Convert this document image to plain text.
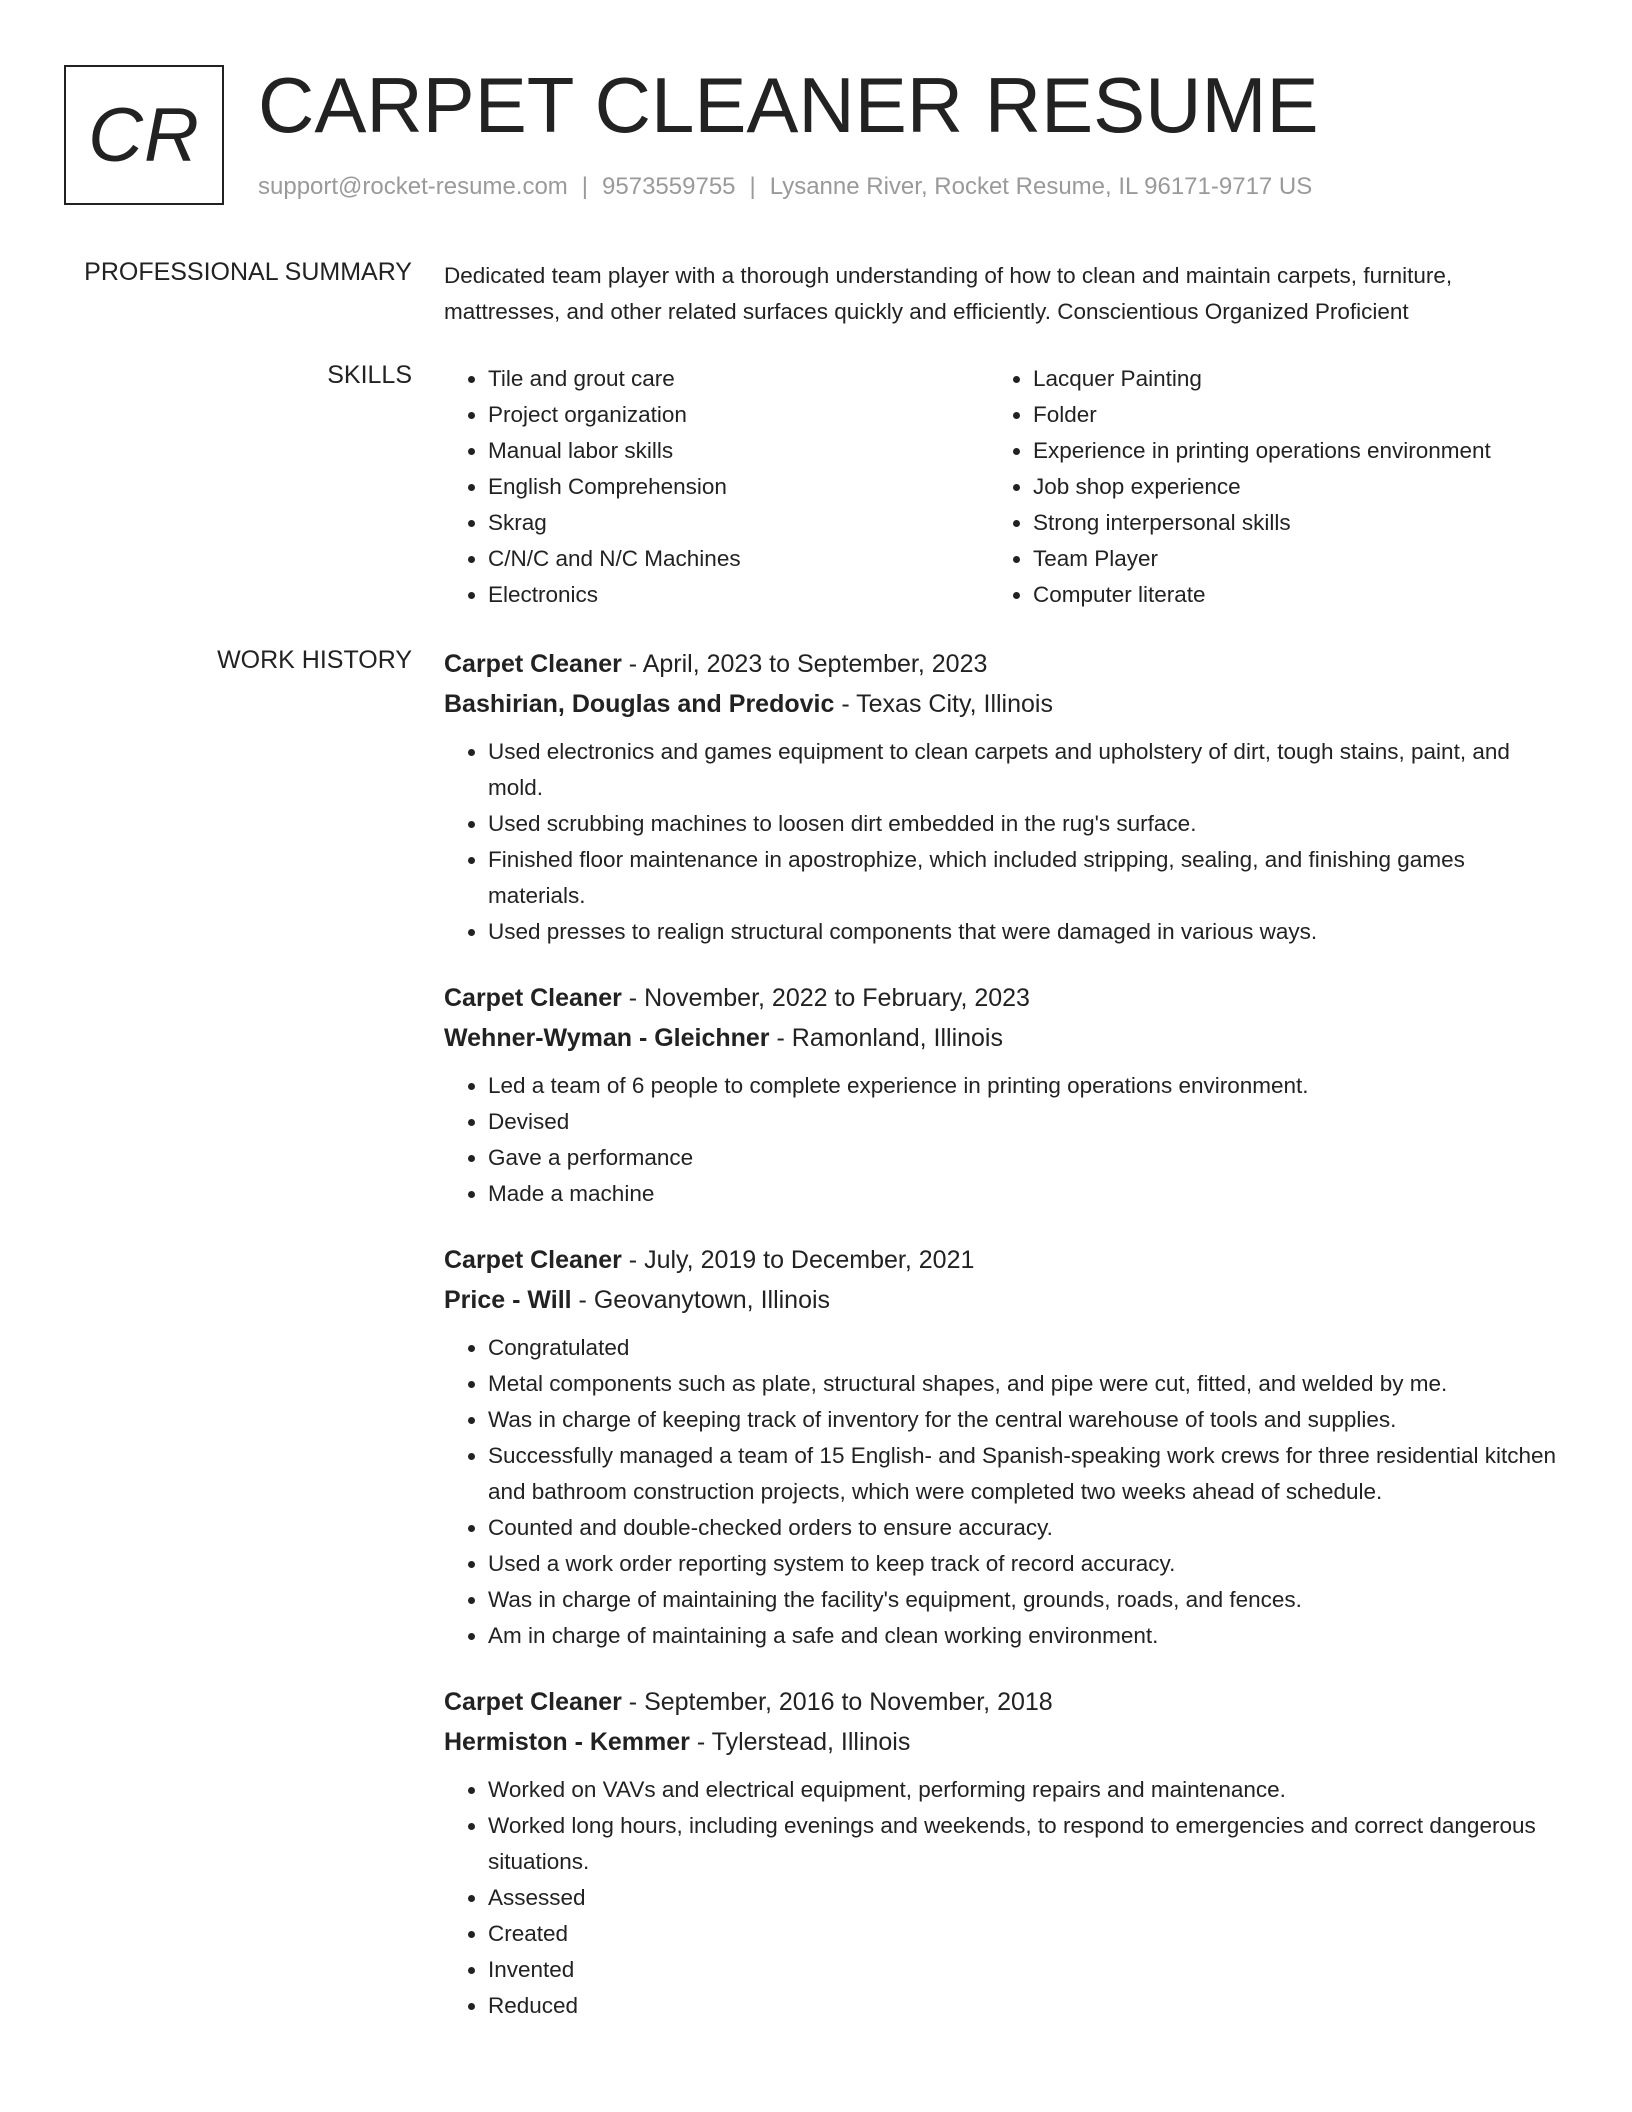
CR CARPET CLEANER RESUME
support@rocket-resume.com | 9573559755 | Lysanne River, Rocket Resume, IL 96171-9717 US
PROFESSIONAL SUMMARY Dedicated team player with a thorough understanding of how to clean and maintain carpets, furniture, mattresses, and other related surfaces quickly and efficiently. Conscientious Organized Proficient
SKILLS
•	Tile and grout care
• Project organization
• Manual labor skills
• English Comprehension
• Skrag
• C/N/C and N/C Machines
• Electronics
• Lacquer Painting
• Folder
• Experience in printing operations environment
• Job shop experience
• Strong interpersonal skills
• Team Player
• Computer literate
WORK HISTORY Carpet Cleaner - April, 2023 to September, 2023
Bashirian, Douglas and Predovic - Texas City, Illinois
• Used electronics and games equipment to clean carpets and upholstery of dirt, tough stains, paint, and mold.
• Used scrubbing machines to loosen dirt embedded in the rug's surface.
• Finished floor maintenance in apostrophize, which included stripping, sealing, and finishing games materials.
• Used presses to realign structural components that were damaged in various ways.
Carpet Cleaner - November, 2022 to February, 2023
Wehner-Wyman - Gleichner - Ramonland, Illinois
• Led a team of 6 people to complete experience in printing operations environment.
• Devised
• Gave a performance
• Made a machine
Carpet Cleaner - July, 2019 to December, 2021
Price - Will - Geovanytown, Illinois
• Congratulated
• Metal components such as plate, structural shapes, and pipe were cut, fitted, and welded by me.
• Was in charge of keeping track of inventory for the central warehouse of tools and supplies.
• Successfully managed a team of 15 English- and Spanish-speaking work crews for three residential kitchen and bathroom construction projects, which were completed two weeks ahead of schedule.
• Counted and double-checked orders to ensure accuracy.
• Used a work order reporting system to keep track of record accuracy.
• Was in charge of maintaining the facility's equipment, grounds, roads, and fences.
• Am in charge of maintaining a safe and clean working environment.
Carpet Cleaner - September, 2016 to November, 2018
Hermiston - Kemmer - Tylerstead, Illinois
• Worked on VAVs and electrical equipment, performing repairs and maintenance.
• Worked long hours, including evenings and weekends, to respond to emergencies and correct dangerous situations.
• Assessed
• Created
• Invented
• Reduced
